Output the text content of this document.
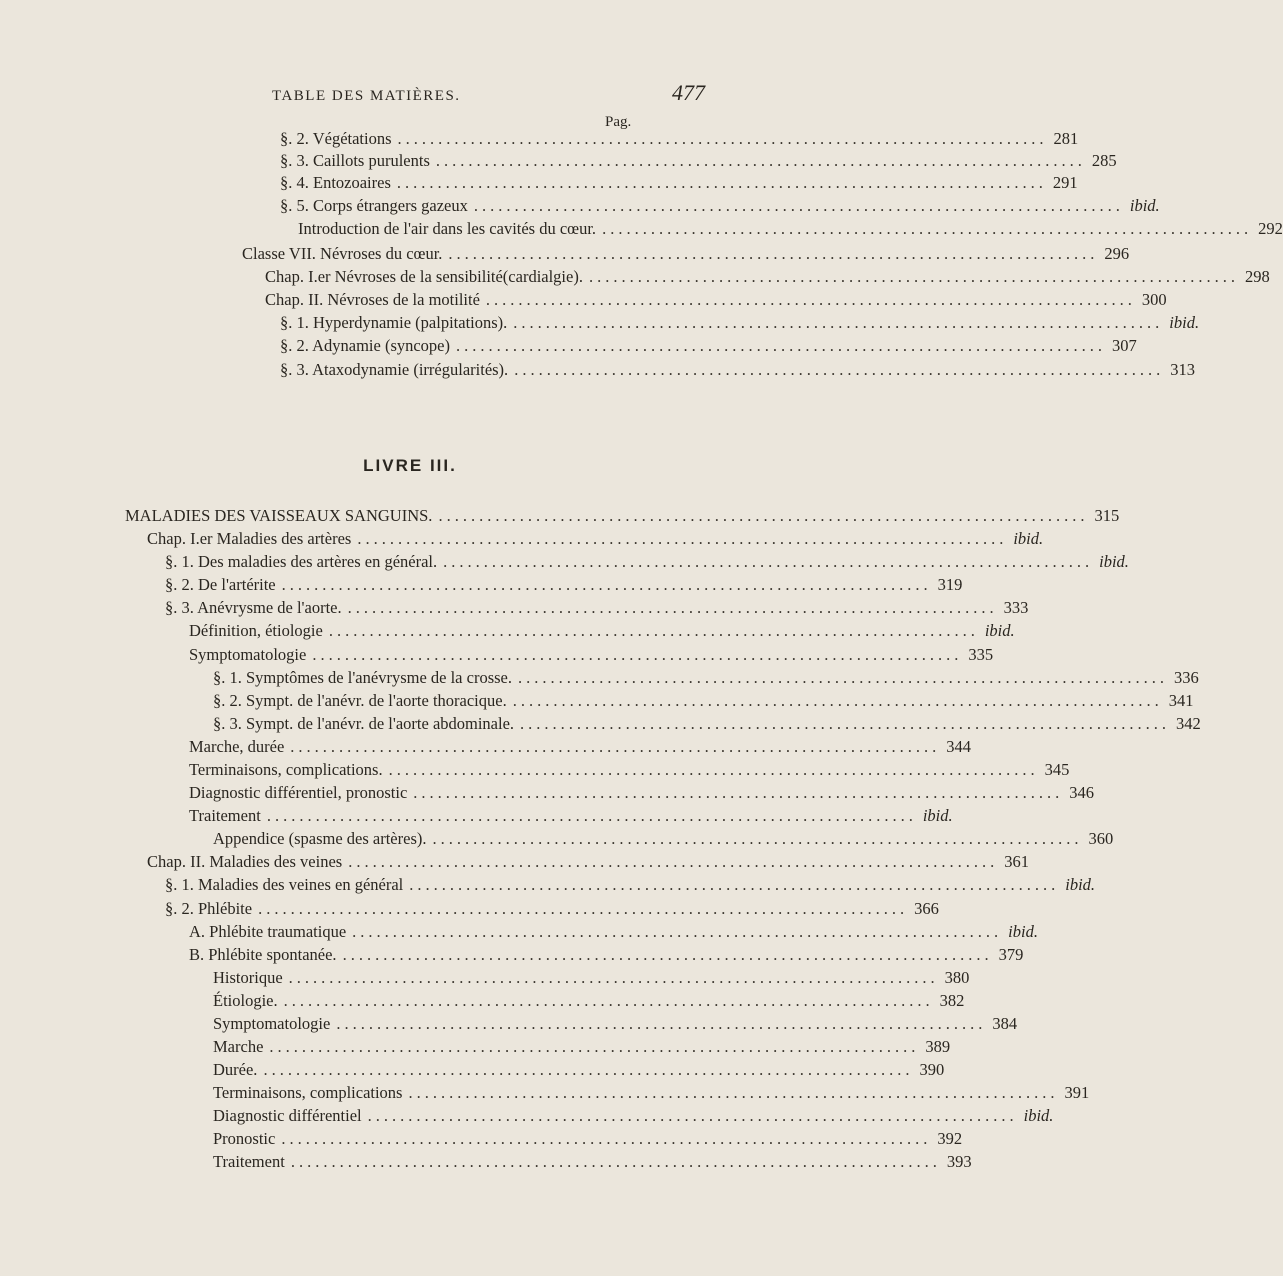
TABLE DES MATIÈRES.	477
Pag.
§. 2. Végétations ................................................................................ 281
§. 3. Caillots purulents ................................................................................ 285
§. 4. Entozoaires ................................................................................ 291
§. 5. Corps étrangers gazeux ................................................................................ ibid.
Introduction de l'air dans les cavités du cœur. ................................................................................ 292
Classe VII. Névroses du cœur. ................................................................................ 296
Chap. I.er Névroses de la sensibilité(cardialgie). ................................................................................ 298
Chap. II. Névroses de la motilité ................................................................................ 300
§. 1. Hyperdynamie (palpitations). ................................................................................ ibid.
§. 2. Adynamie (syncope) ................................................................................ 307
§. 3. Ataxodynamie (irrégularités). ................................................................................ 313
LIVRE III.
MALADIES DES VAISSEAUX SANGUINS. ................................................................................ 315
Chap. I.er Maladies des artères ................................................................................ ibid.
§. 1. Des maladies des artères en général. ................................................................................ ibid.
§. 2. De l'artérite ................................................................................ 319
§. 3. Anévrysme de l'aorte. ................................................................................ 333
Définition, étiologie ................................................................................ ibid.
Symptomatologie ................................................................................ 335
§. 1. Symptômes de l'anévrysme de la crosse. ................................................................................ 336
§. 2. Sympt. de l'anévr. de l'aorte thoracique. ................................................................................ 341
§. 3. Sympt. de l'anévr. de l'aorte abdominale. ................................................................................ 342
Marche, durée ................................................................................ 344
Terminaisons, complications. ................................................................................ 345
Diagnostic différentiel, pronostic ................................................................................ 346
Traitement ................................................................................ ibid.
Appendice (spasme des artères). ................................................................................ 360
Chap. II. Maladies des veines ................................................................................ 361
§. 1. Maladies des veines en général ................................................................................ ibid.
§. 2. Phlébite ................................................................................ 366
A. Phlébite traumatique ................................................................................ ibid.
B. Phlébite spontanée. ................................................................................ 379
Historique ................................................................................ 380
Étiologie. ................................................................................ 382
Symptomatologie ................................................................................ 384
Marche ................................................................................ 389
Durée. ................................................................................ 390
Terminaisons, complications ................................................................................ 391
Diagnostic différentiel ................................................................................ ibid.
Pronostic ................................................................................ 392
Traitement ................................................................................ 393
